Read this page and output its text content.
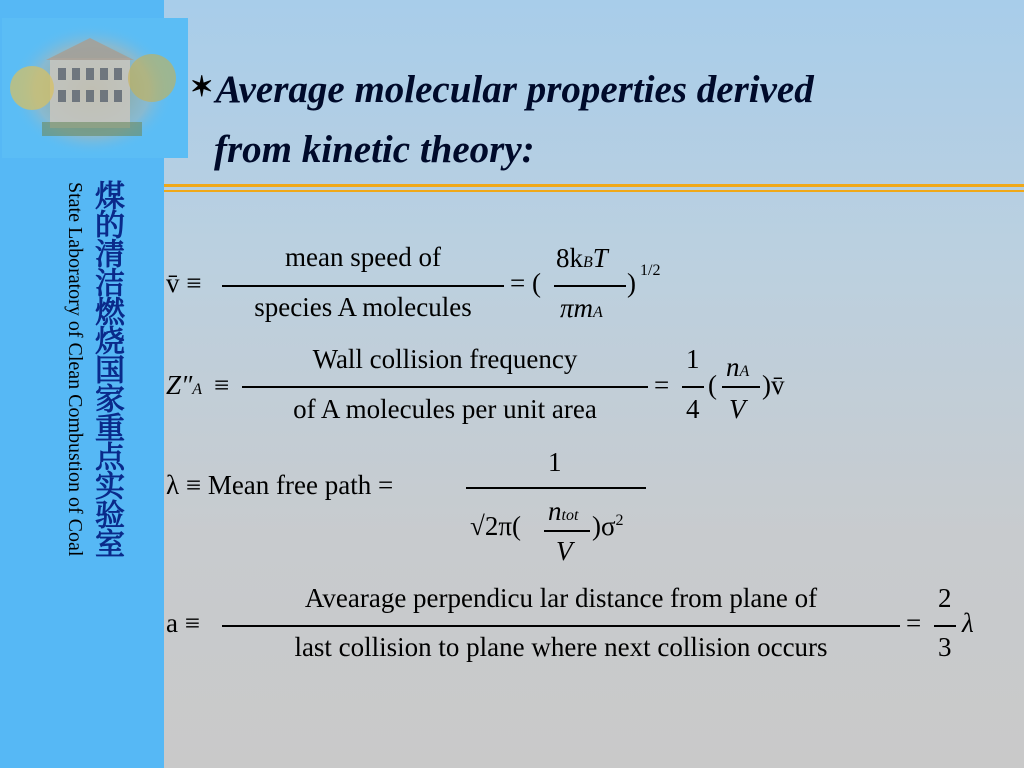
煤的清洁燃烧国家重点实验室
State Laboratory of Clean Combustion of Coal
✶Average molecular properties derived
from kinetic theory:
v̄ ≡
mean speed of
species A molecules
= (
8kBT
πmA
) 1/2
Z″A ≡
Wall collision frequency
of A molecules per unit area
=
1
4
(
nA
V
)v̄
λ ≡ Mean free path =
1
√2π( ntot
V
)$\sigma^2$
a ≡
Avearage perpendicu lar distance from plane of
last collision to plane where next collision occurs
=
2
3
λ
